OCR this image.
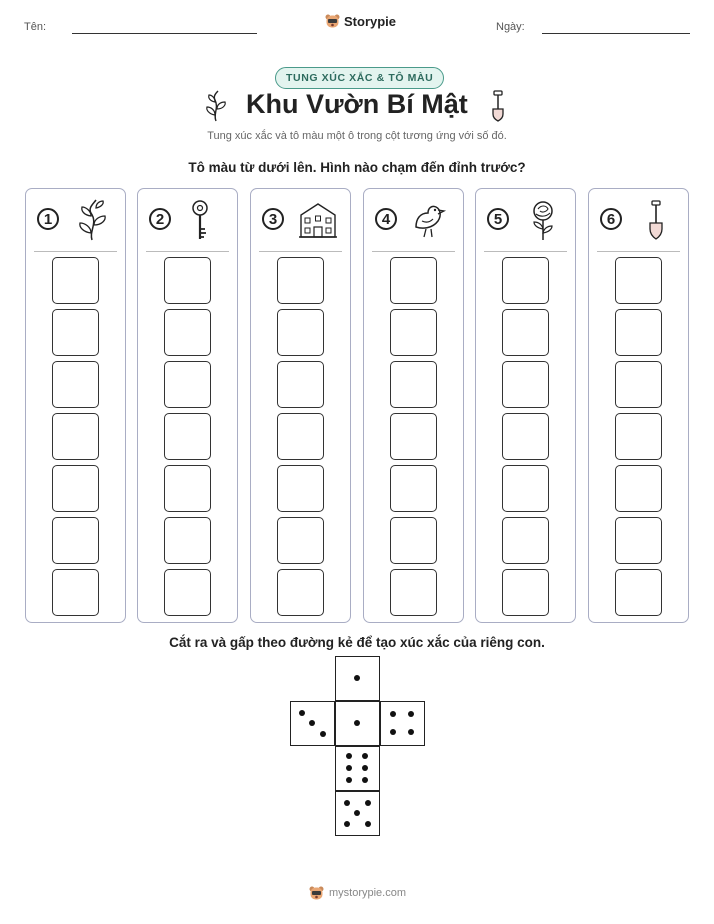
Tên:	Storypie	Ngày:
TUNG XÚC XẮC & TÔ MÀU
Khu Vườn Bí Mật
Tung xúc xắc và tô màu một ô trong cột tương ứng với số đó.
Tô màu từ dưới lên. Hình nào chạm đến đỉnh trước?
1	2	3	4	5	6
Cắt ra và gấp theo đường kẻ để tạo xúc xắc của riêng con.
mystorypie.com
